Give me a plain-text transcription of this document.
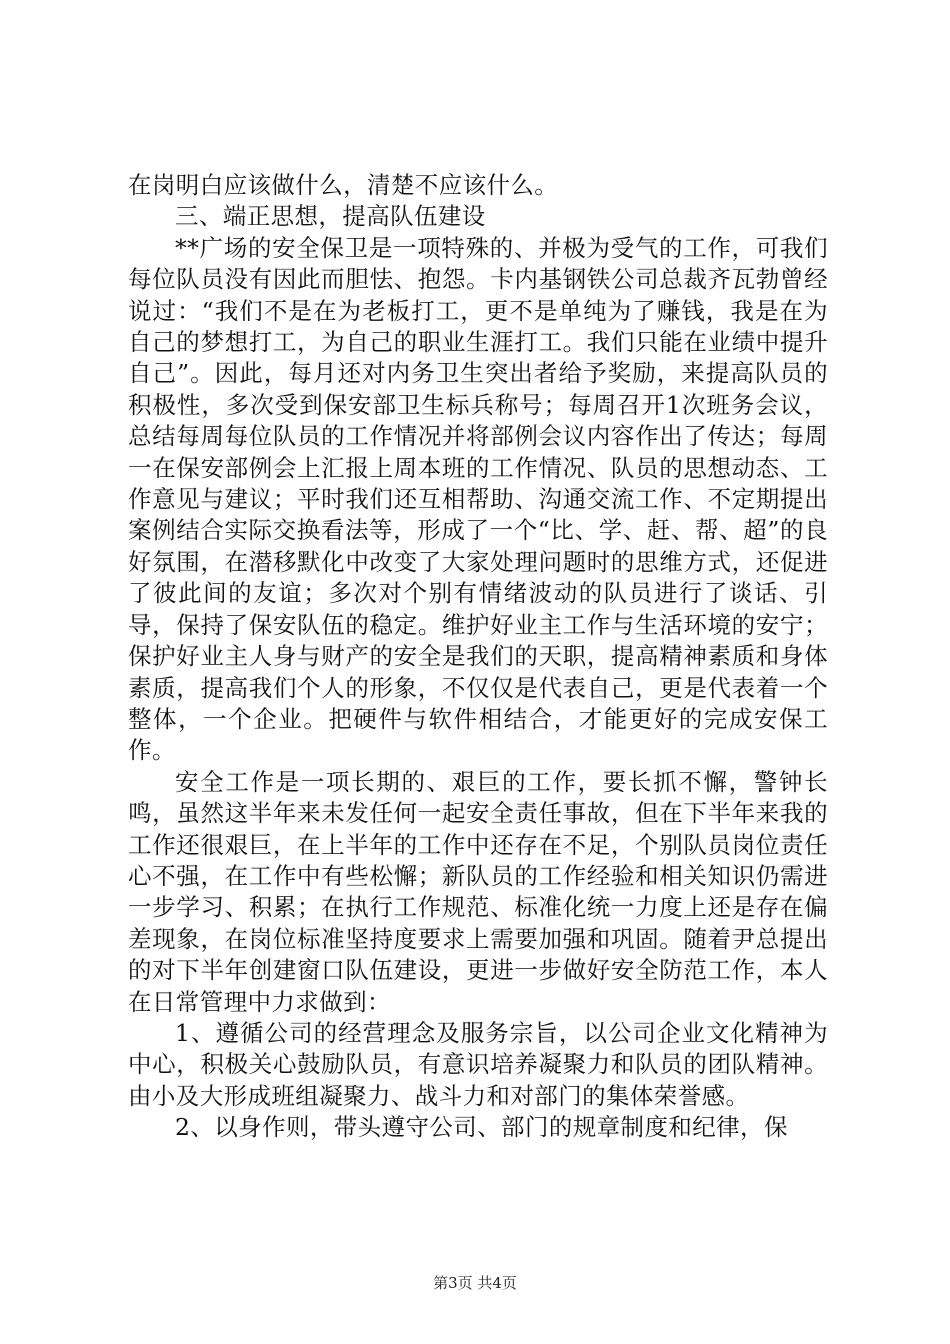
在岗明白应该做什么，清楚不应该什么。

三、端正思想，提高队伍建设

**广场的安全保卫是一项特殊的、并极为受气的工作，可我们每位队员没有因此而胆怯、抱怨。卡内基钢铁公司总裁齐瓦勃曾经说过：“我们不是在为老板打工，更不是单纯为了赚钱，我是在为自己的梦想打工，为自己的职业生涯打工。我们只能在业绩中提升自己”。因此，每月还对内务卫生突出者给予奖励，来提高队员的积极性，多次受到保安部卫生标兵称号；每周召开1次班务会议，总结每周每位队员的工作情况并将部例会议内容作出了传达；每周一在保安部例会上汇报上周本班的工作情况、队员的思想动态、工作意见与建议；平时我们还互相帮助、沟通交流工作、不定期提出案例结合实际交换看法等，形成了一个“比、学、赶、帮、超”的良好氛围，在潜移默化中改变了大家处理问题时的思维方式，还促进了彼此间的友谊；多次对个别有情绪波动的队员进行了谈话、引导，保持了保安队伍的稳定。维护好业主工作与生活环境的安宁；保护好业主人身与财产的安全是我们的天职，提高精神素质和身体素质，提高我们个人的形象，不仅仅是代表自己，更是代表着一个整体，一个企业。把硬件与软件相结合，才能更好的完成安保工作。

安全工作是一项长期的、艰巨的工作，要长抓不懈，警钟长鸣，虽然这半年来未发任何一起安全责任事故，但在下半年来我的工作还很艰巨，在上半年的工作中还存在不足，个别队员岗位责任心不强，在工作中有些松懈；新队员的工作经验和相关知识仍需进一步学习、积累；在执行工作规范、标准化统一力度上还是存在偏差现象，在岗位标准坚持度要求上需要加强和巩固。随着尹总提出的对下半年创建窗口队伍建设，更进一步做好安全防范工作，本人在日常管理中力求做到：

1、遵循公司的经营理念及服务宗旨，以公司企业文化精神为中心，积极关心鼓励队员，有意识培养凝聚力和队员的团队精神。由小及大形成班组凝聚力、战斗力和对部门的集体荣誉感。

2、以身作则，带头遵守公司、部门的规章制度和纪律，保

第3页 共4页
